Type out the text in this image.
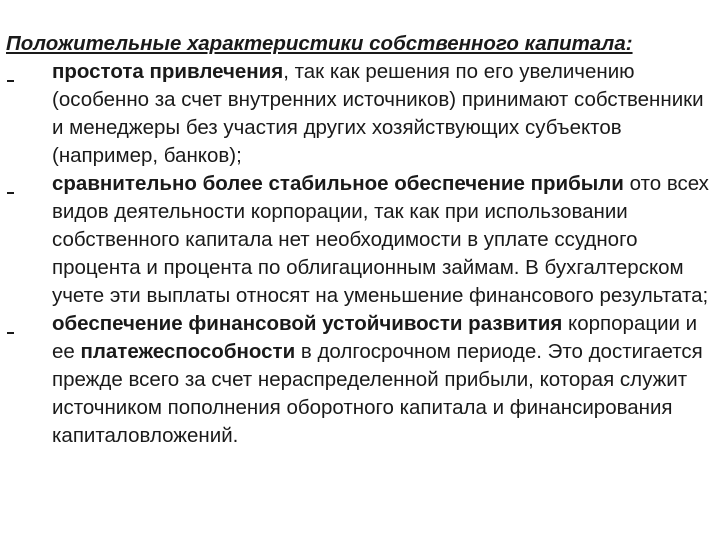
Положительные характеристики собственного капитала:

простота привлечения, так как решения по его увеличению (особенно за счет внутренних источников) принимают собственники и менеджеры без участия других хозяйствующих субъектов (например, банков);
сравнительно более стабильное обеспечение прибыли ото всех видов деятельности корпорации, так как при использовании собственного капитала нет необходимости в уплате ссудного процента и процента по облигационным займам. В бухгалтерском учете эти выплаты относят на уменьшение финансового результата;
обеспечение финансовой устойчивости развития корпорации и ее платежеспособности в долгосрочном периоде. Это достигается прежде всего за счет нераспределенной прибыли, которая служит источником пополнения оборотного капитала и финансирования капиталовложений.
